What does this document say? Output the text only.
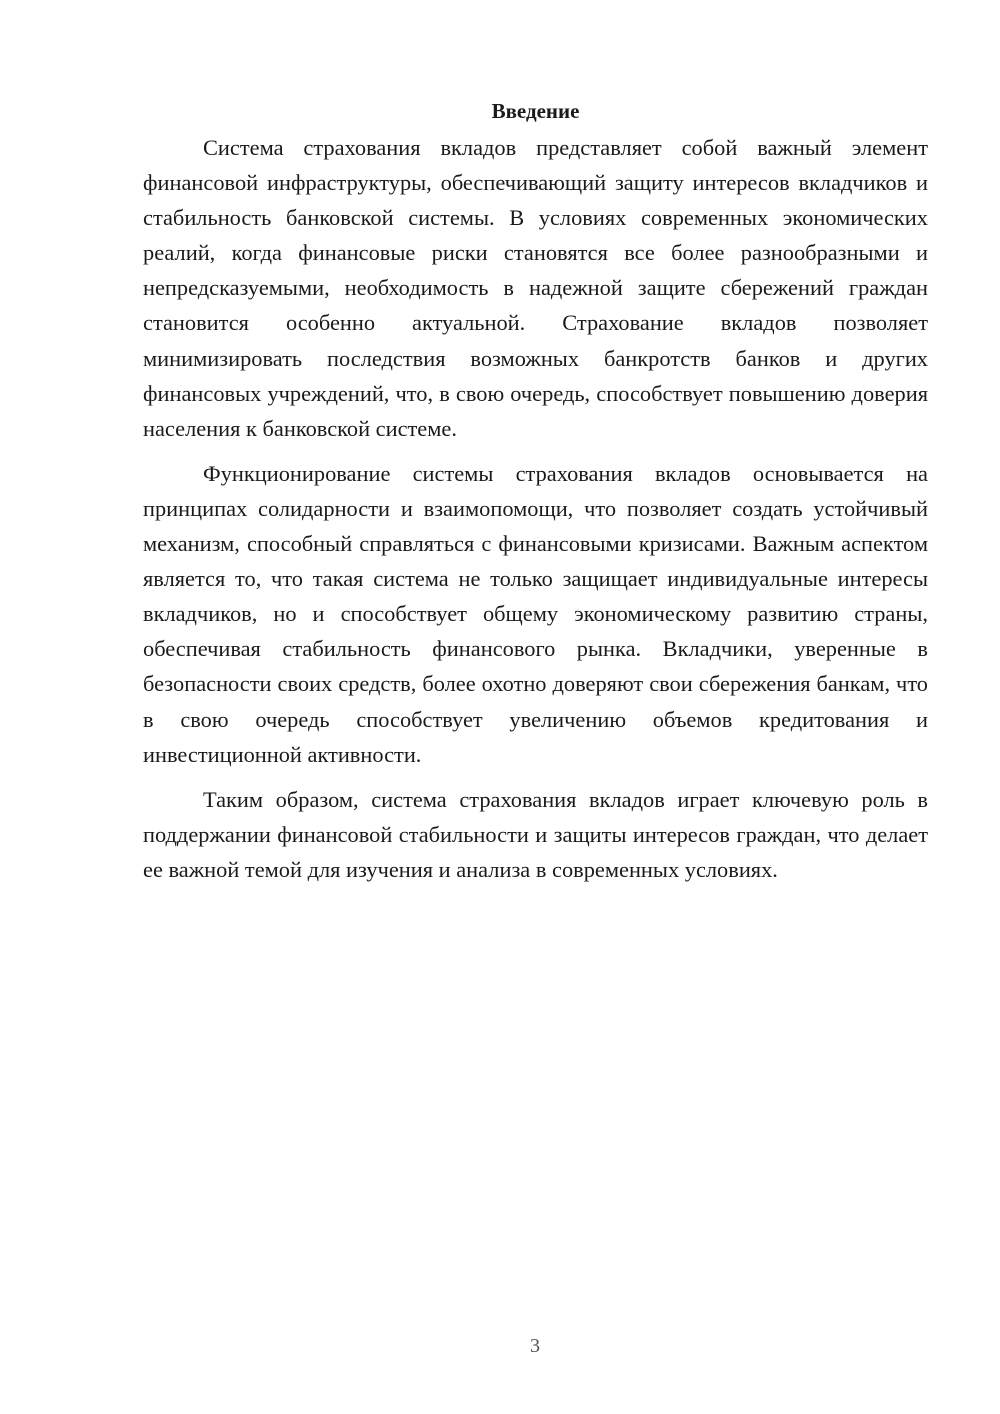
Введение

Система страхования вкладов представляет собой важный элемент финансовой инфраструктуры, обеспечивающий защиту интересов вкладчиков и стабильность банковской системы. В условиях современных экономических реалий, когда финансовые риски становятся все более разнообразными и непредсказуемыми, необходимость в надежной защите сбережений граждан становится особенно актуальной. Страхование вкладов позволяет минимизировать последствия возможных банкротств банков и других финансовых учреждений, что, в свою очередь, способствует повышению доверия населения к банковской системе.

Функционирование системы страхования вкладов основывается на принципах солидарности и взаимопомощи, что позволяет создать устойчивый механизм, способный справляться с финансовыми кризисами. Важным аспектом является то, что такая система не только защищает индивидуальные интересы вкладчиков, но и способствует общему экономическому развитию страны, обеспечивая стабильность финансового рынка. Вкладчики, уверенные в безопасности своих средств, более охотно доверяют свои сбережения банкам, что в свою очередь способствует увеличению объемов кредитования и инвестиционной активности.

Таким образом, система страхования вкладов играет ключевую роль в поддержании финансовой стабильности и защиты интересов граждан, что делает ее важной темой для изучения и анализа в современных условиях.

3
